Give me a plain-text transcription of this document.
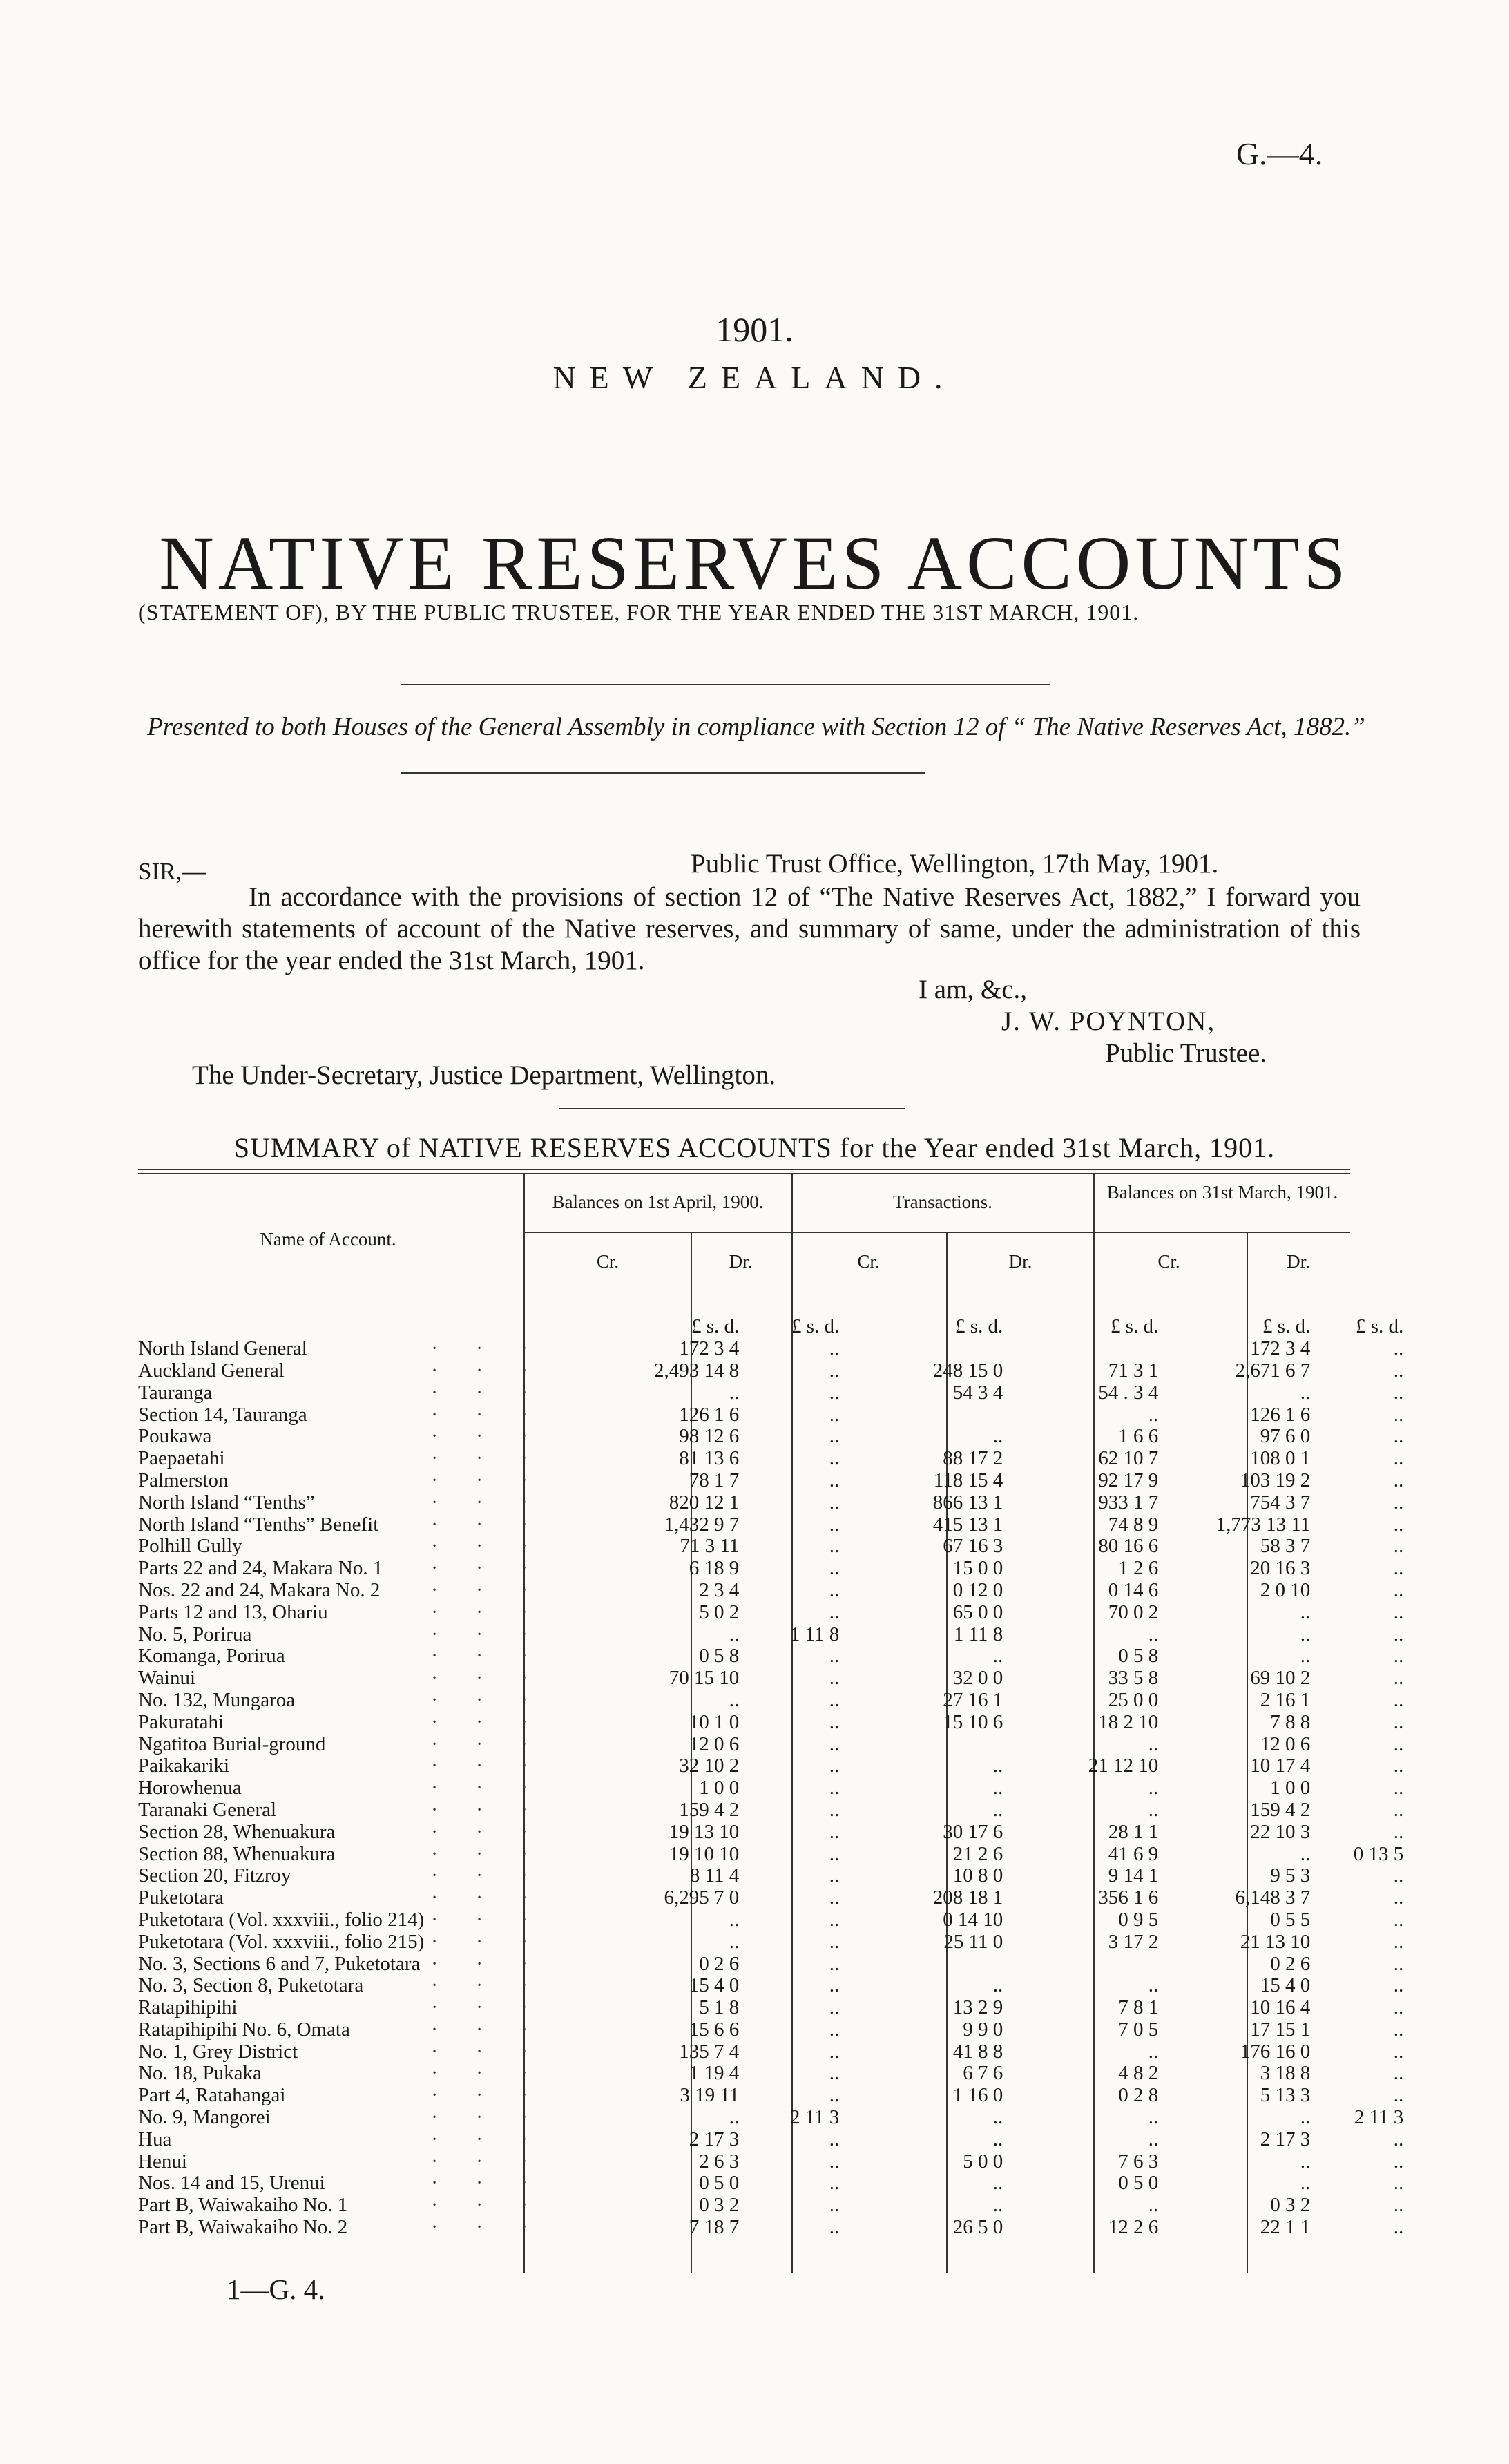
G.—4.
1901.
NEW ZEALAND.
NATIVE RESERVES ACCOUNTS
(STATEMENT OF), BY THE PUBLIC TRUSTEE, FOR THE YEAR ENDED THE 31ST MARCH, 1901.
Presented to both Houses of the General Assembly in compliance with Section 12 of “ The Native Reserves Act, 1882.”
SIR,—	Public Trust Office, Wellington, 17th May, 1901.
In accordance with the provisions of section 12 of “The Native Reserves Act, 1882,” I forward you herewith statements of account of the Native reserves, and summary of same, under the administration of this office for the year ended the 31st March, 1901.
I am, &c.,
J. W. POYNTON,
Public Trustee.
The Under-Secretary, Justice Department, Wellington.
SUMMARY of NATIVE RESERVES ACCOUNTS for the Year ended 31st March, 1901.
Balances on 1st April, 1900.	Transactions.	Balances on 31st March, 1901.
Name of Account.
Cr.	Dr.	Cr.	Dr.	Cr.	Dr.
		£ s. d.	£ s. d.	£ s. d.	£ s. d.	£ s. d.	£ s. d.
North Island General	· · ·	172 3 4	..			172 3 4	..
Auckland General	· · ·	2,493 14 8	..	248 15 0	71 3 1	2,671 6 7	..
Tauranga	· · ·	..	..	54 3 4	54 . 3 4	..	..
Section 14, Tauranga	· · ·	126 1 6	..		..	126 1 6	..
Poukawa	· · ·	98 12 6	..	..	1 6 6	97 6 0	..
Paepaetahi	· · ·	81 13 6	..	88 17 2	62 10 7	108 0 1	..
Palmerston	· · ·	78 1 7	..	118 15 4	92 17 9	103 19 2	..
North Island “Tenths”	· · ·	820 12 1	..	866 13 1	933 1 7	754 3 7	..
North Island “Tenths” Benefit	· · ·	1,432 9 7	..	415 13 1	74 8 9	1,773 13 11	..
Polhill Gully	· · ·	71 3 11	..	67 16 3	80 16 6	58 3 7	..
Parts 22 and 24, Makara No. 1	· · ·	6 18 9	..	15 0 0	1 2 6	20 16 3	..
Nos. 22 and 24, Makara No. 2	· · ·	2 3 4	..	0 12 0	0 14 6	2 0 10	..
Parts 12 and 13, Ohariu	· · ·	5 0 2	..	65 0 0	70 0 2	..	..
No. 5, Porirua	· · ·	..	1 11 8	1 11 8	..	..	..
Komanga, Porirua	· · ·	0 5 8	..	..	0 5 8	..	..
Wainui	· · ·	70 15 10	..	32 0 0	33 5 8	69 10 2	..
No. 132, Mungaroa	· · ·	..	..	27 16 1	25 0 0	2 16 1	..
Pakuratahi	· · ·	10 1 0	..	15 10 6	18 2 10	7 8 8	..
Ngatitoa Burial-ground	· · ·	12 0 6	..		..	12 0 6	..
Paikakariki	· · ·	32 10 2	..	..	21 12 10	10 17 4	..
Horowhenua	· · ·	1 0 0	..	..	..	1 0 0	..
Taranaki General	· · ·	159 4 2	..	..	..	159 4 2	..
Section 28, Whenuakura	· · ·	19 13 10	..	30 17 6	28 1 1	22 10 3	..
Section 88, Whenuakura	· · ·	19 10 10	..	21 2 6	41 6 9	..	0 13 5
Section 20, Fitzroy	· · ·	8 11 4	..	10 8 0	9 14 1	9 5 3	..
Puketotara	· · ·	6,295 7 0	..	208 18 1	356 1 6	6,148 3 7	..
Puketotara (Vol. xxxviii., folio 214)	· · ·	..	..	0 14 10	0 9 5	0 5 5	..
Puketotara (Vol. xxxviii., folio 215)	· · ·	..	..	25 11 0	3 17 2	21 13 10	..
No. 3, Sections 6 and 7, Puketotara	· · ·	0 2 6	..			0 2 6	..
No. 3, Section 8, Puketotara	· · ·	15 4 0	..	..	..	15 4 0	..
Ratapihipihi	· · ·	5 1 8	..	13 2 9	7 8 1	10 16 4	..
Ratapihipihi No. 6, Omata	· · ·	15 6 6	..	9 9 0	7 0 5	17 15 1	..
No. 1, Grey District	· · ·	135 7 4	..	41 8 8	..	176 16 0	..
No. 18, Pukaka	· · ·	1 19 4	..	6 7 6	4 8 2	3 18 8	..
Part 4, Ratahangai	· · ·	3 19 11	..	1 16 0	0 2 8	5 13 3	..
No. 9, Mangorei	· · ·	..	2 11 3	..	..	..	2 11 3
Hua	· · ·	2 17 3	..	..	..	2 17 3	..
Henui	· · ·	2 6 3	..	5 0 0	7 6 3	..	..
Nos. 14 and 15, Urenui	· · ·	0 5 0	..	..	0 5 0	..	..
Part B, Waiwakaiho No. 1	· · ·	0 3 2	..	..	..	0 3 2	..
Part B, Waiwakaiho No. 2	· · ·	7 18 7	..	26 5 0	12 2 6	22 1 1	..
1—G. 4.
